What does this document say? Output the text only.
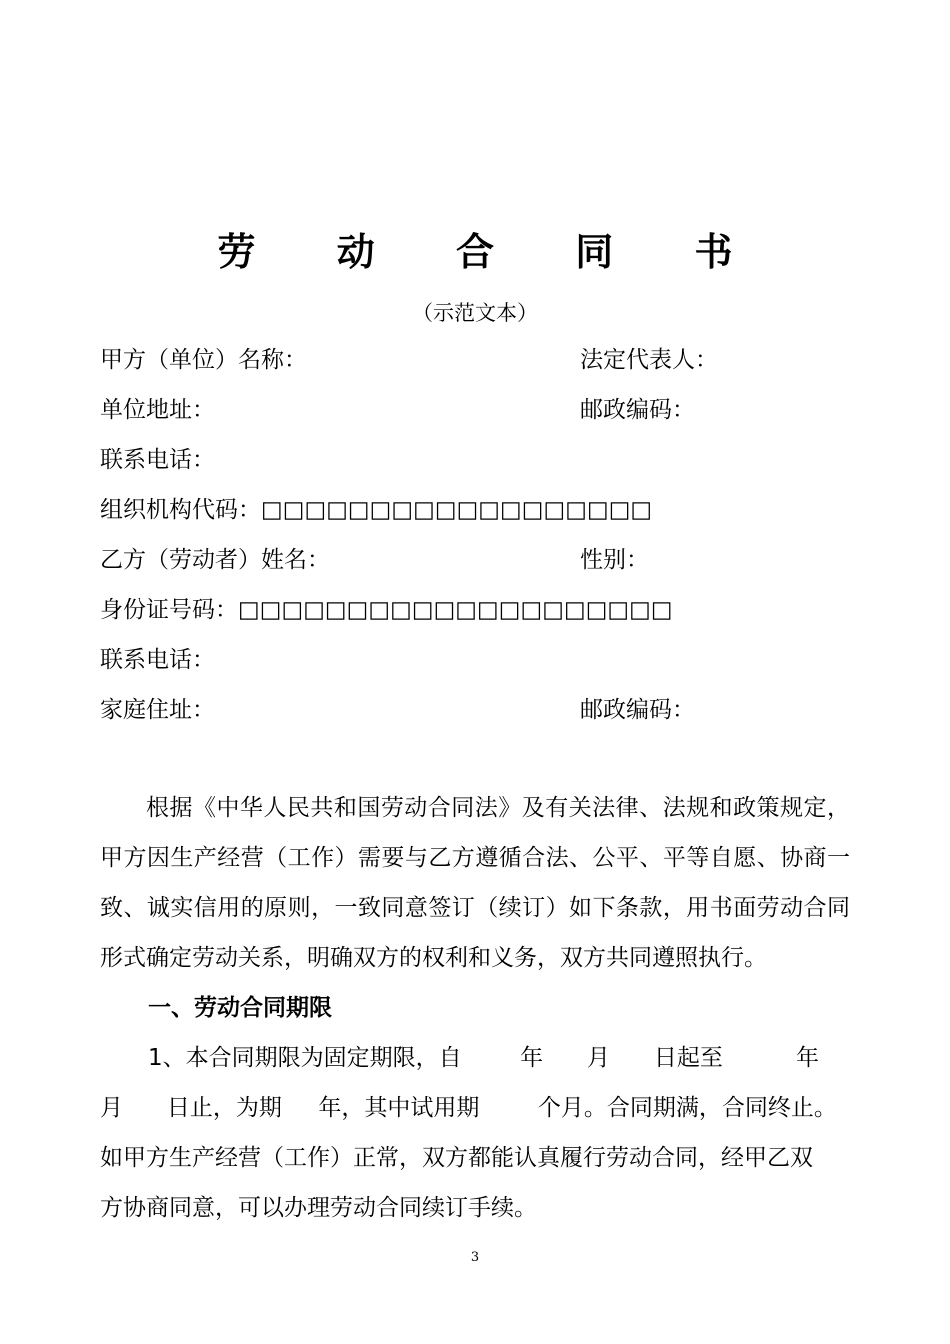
劳 动 合 同 书
（示范文本）
甲方（单位）名称：	法定代表人：
单位地址：	邮政编码：
联系电话：
组织机构代码：□□□□□□□□□□□□□□□□□□
乙方（劳动者）姓名：	性别：
身份证号码：□□□□□□□□□□□□□□□□□□□□
联系电话：
家庭住址：	邮政编码：

根据《中华人民共和国劳动合同法》及有关法律、法规和政策规定，甲方因生产经营（工作）需要与乙方遵循合法、公平、平等自愿、协商一致、诚实信用的原则，一致同意签订（续订）如下条款，用书面劳动合同形式确定劳动关系，明确双方的权利和义务，双方共同遵照执行。

一、劳动合同期限
1、本合同期限为固定期限，自        年      月      日起至          年
月      日止，为期     年，其中试用期        个月。合同期满，合同终止。
如甲方生产经营（工作）正常，双方都能认真履行劳动合同，经甲乙双
方协商同意，可以办理劳动合同续订手续。
3
